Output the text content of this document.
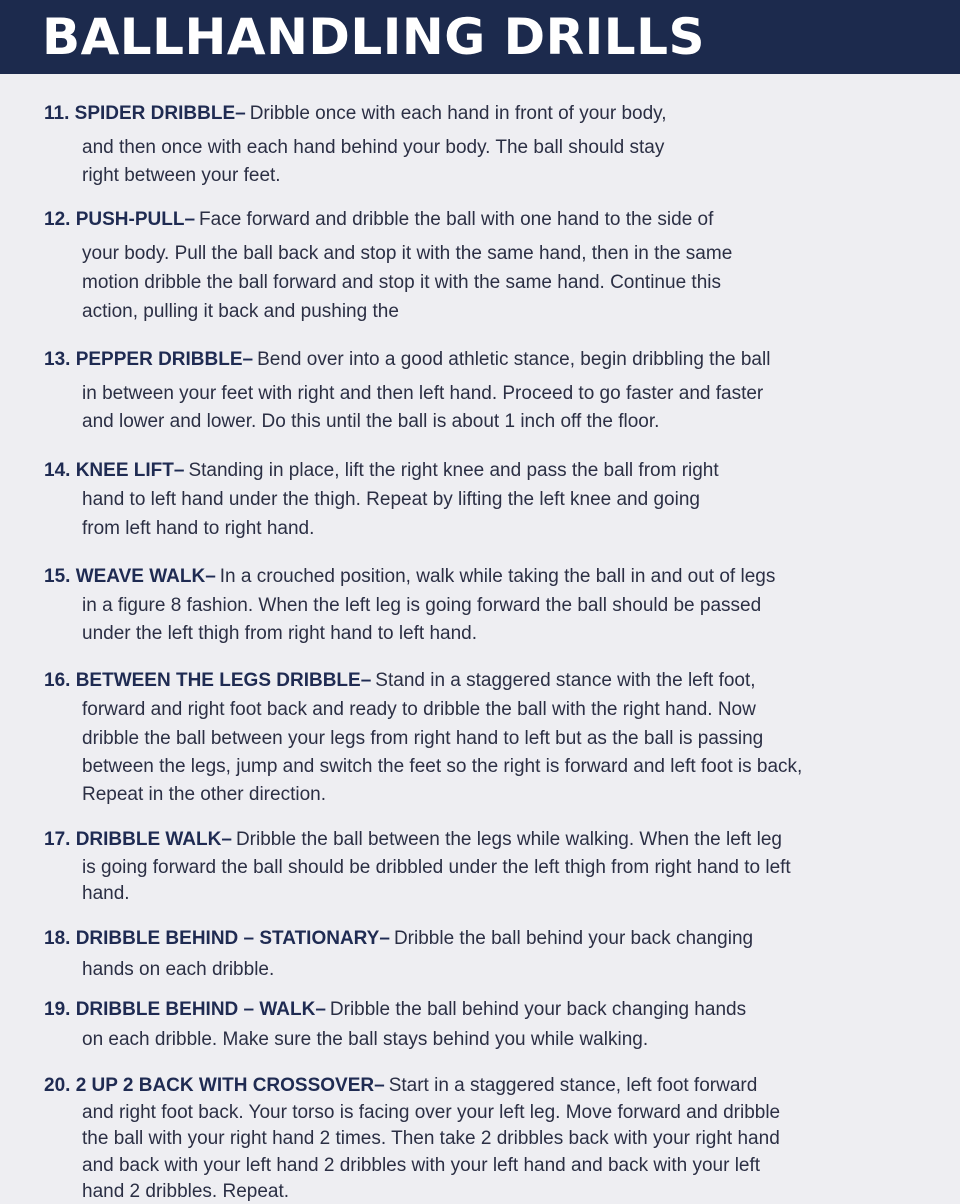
BALLHANDLING DRILLS
11. SPIDER DRIBBLE– Dribble once with each hand in front of your body,
and then once with each hand behind your body. The ball should stay
right between your feet.
12. PUSH-PULL– Face forward and dribble the ball with one hand to the side of
your body. Pull the ball back and stop it with the same hand, then in the same
motion dribble the ball forward and stop it with the same hand. Continue this
action, pulling it back and pushing the
13. PEPPER DRIBBLE– Bend over into a good athletic stance, begin dribbling the ball
in between your feet with right and then left hand. Proceed to go faster and faster
and lower and lower. Do this until the ball is about 1 inch off the floor.
14. KNEE LIFT– Standing in place, lift the right knee and pass the ball from right
hand to left hand under the thigh. Repeat by lifting the left knee and going
from left hand to right hand.
15. WEAVE WALK– In a crouched position, walk while taking the ball in and out of legs
in a figure 8 fashion. When the left leg is going forward the ball should be passed
under the left thigh from right hand to left hand.
16. BETWEEN THE LEGS DRIBBLE– Stand in a staggered stance with the left foot,
forward and right foot back and ready to dribble the ball with the right hand. Now
dribble the ball between your legs from right hand to left but as the ball is passing
between the legs, jump and switch the feet so the right is forward and left foot is back,
Repeat in the other direction.
17. DRIBBLE WALK– Dribble the ball between the legs while walking. When the left leg
is going forward the ball should be dribbled under the left thigh from right hand to left
hand.
18. DRIBBLE BEHIND – STATIONARY– Dribble the ball behind your back changing
hands on each dribble.
19. DRIBBLE BEHIND – WALK– Dribble the ball behind your back changing hands
on each dribble. Make sure the ball stays behind you while walking.
20. 2 UP 2 BACK WITH CROSSOVER– Start in a staggered stance, left foot forward
and right foot back. Your torso is facing over your left leg. Move forward and dribble
the ball with your right hand 2 times. Then take 2 dribbles back with your right hand
and back with your left hand 2 dribbles with your left hand and back with your left
hand 2 dribbles. Repeat.
